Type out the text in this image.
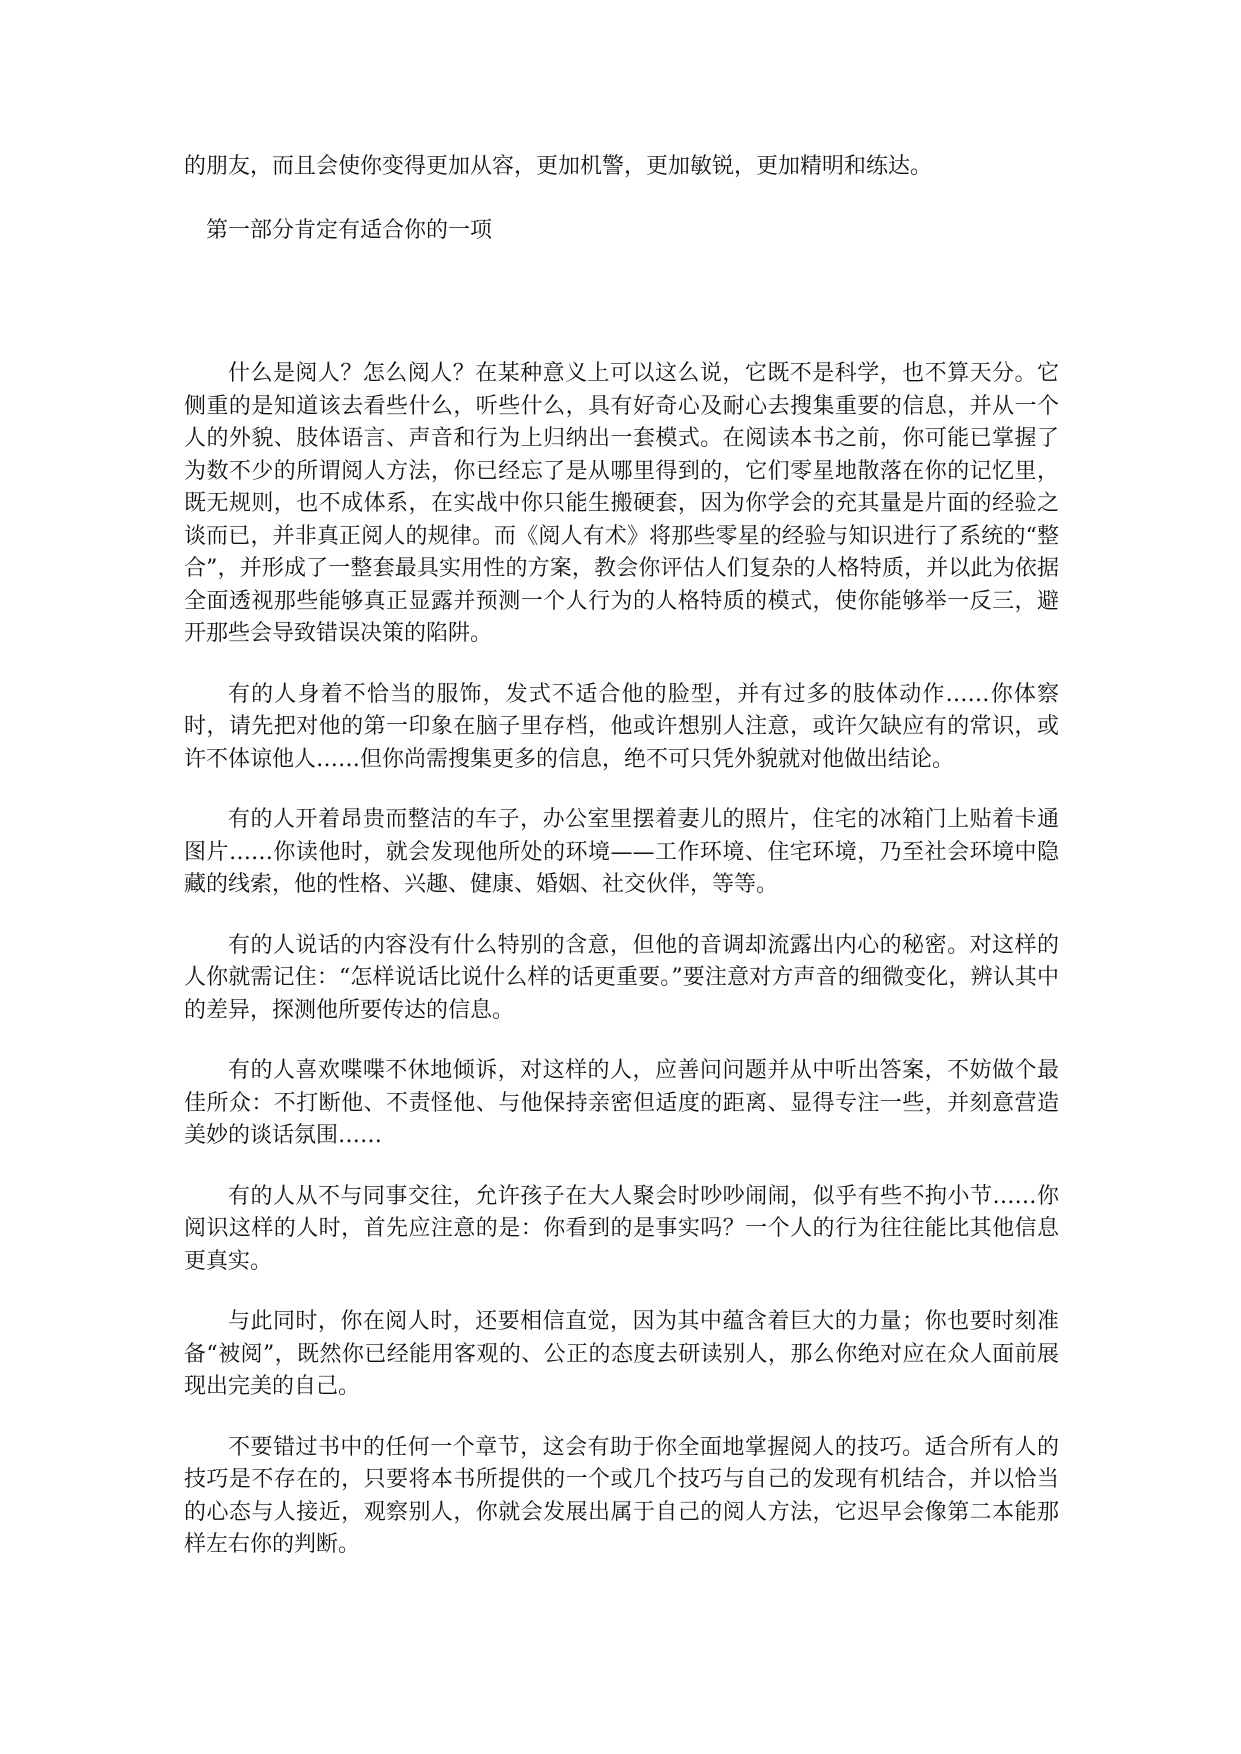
的朋友，而且会使你变得更加从容，更加机警，更加敏锐，更加精明和练达。

第一部分肯定有适合你的一项

什么是阅人？怎么阅人？在某种意义上可以这么说，它既不是科学，也不算天分。它侧重的是知道该去看些什么，听些什么，具有好奇心及耐心去搜集重要的信息，并从一个人的外貌、肢体语言、声音和行为上归纳出一套模式。在阅读本书之前，你可能已掌握了为数不少的所谓阅人方法，你已经忘了是从哪里得到的，它们零星地散落在你的记忆里，既无规则，也不成体系，在实战中你只能生搬硬套，因为你学会的充其量是片面的经验之谈而已，并非真正阅人的规律。而《阅人有术》将那些零星的经验与知识进行了系统的“整合”，并形成了一整套最具实用性的方案，教会你评估人们复杂的人格特质，并以此为依据全面透视那些能够真正显露并预测一个人行为的人格特质的模式，使你能够举一反三，避开那些会导致错误决策的陷阱。

有的人身着不恰当的服饰，发式不适合他的脸型，并有过多的肢体动作……你体察时，请先把对他的第一印象在脑子里存档，他或许想别人注意，或许欠缺应有的常识，或许不体谅他人……但你尚需搜集更多的信息，绝不可只凭外貌就对他做出结论。

有的人开着昂贵而整洁的车子，办公室里摆着妻儿的照片，住宅的冰箱门上贴着卡通图片……你读他时，就会发现他所处的环境——工作环境、住宅环境，乃至社会环境中隐藏的线索，他的性格、兴趣、健康、婚姻、社交伙伴，等等。

有的人说话的内容没有什么特别的含意，但他的音调却流露出内心的秘密。对这样的人你就需记住：“怎样说话比说什么样的话更重要。”要注意对方声音的细微变化，辨认其中的差异，探测他所要传达的信息。

有的人喜欢喋喋不休地倾诉，对这样的人，应善问问题并从中听出答案，不妨做个最佳所众：不打断他、不责怪他、与他保持亲密但适度的距离、显得专注一些，并刻意营造美妙的谈话氛围……

有的人从不与同事交往，允许孩子在大人聚会时吵吵闹闹，似乎有些不拘小节……你阅识这样的人时，首先应注意的是：你看到的是事实吗？一个人的行为往往能比其他信息更真实。

与此同时，你在阅人时，还要相信直觉，因为其中蕴含着巨大的力量；你也要时刻准备“被阅”，既然你已经能用客观的、公正的态度去研读别人，那么你绝对应在众人面前展现出完美的自己。

不要错过书中的任何一个章节，这会有助于你全面地掌握阅人的技巧。适合所有人的技巧是不存在的，只要将本书所提供的一个或几个技巧与自己的发现有机结合，并以恰当的心态与人接近，观察别人，你就会发展出属于自己的阅人方法，它迟早会像第二本能那样左右你的判断。
